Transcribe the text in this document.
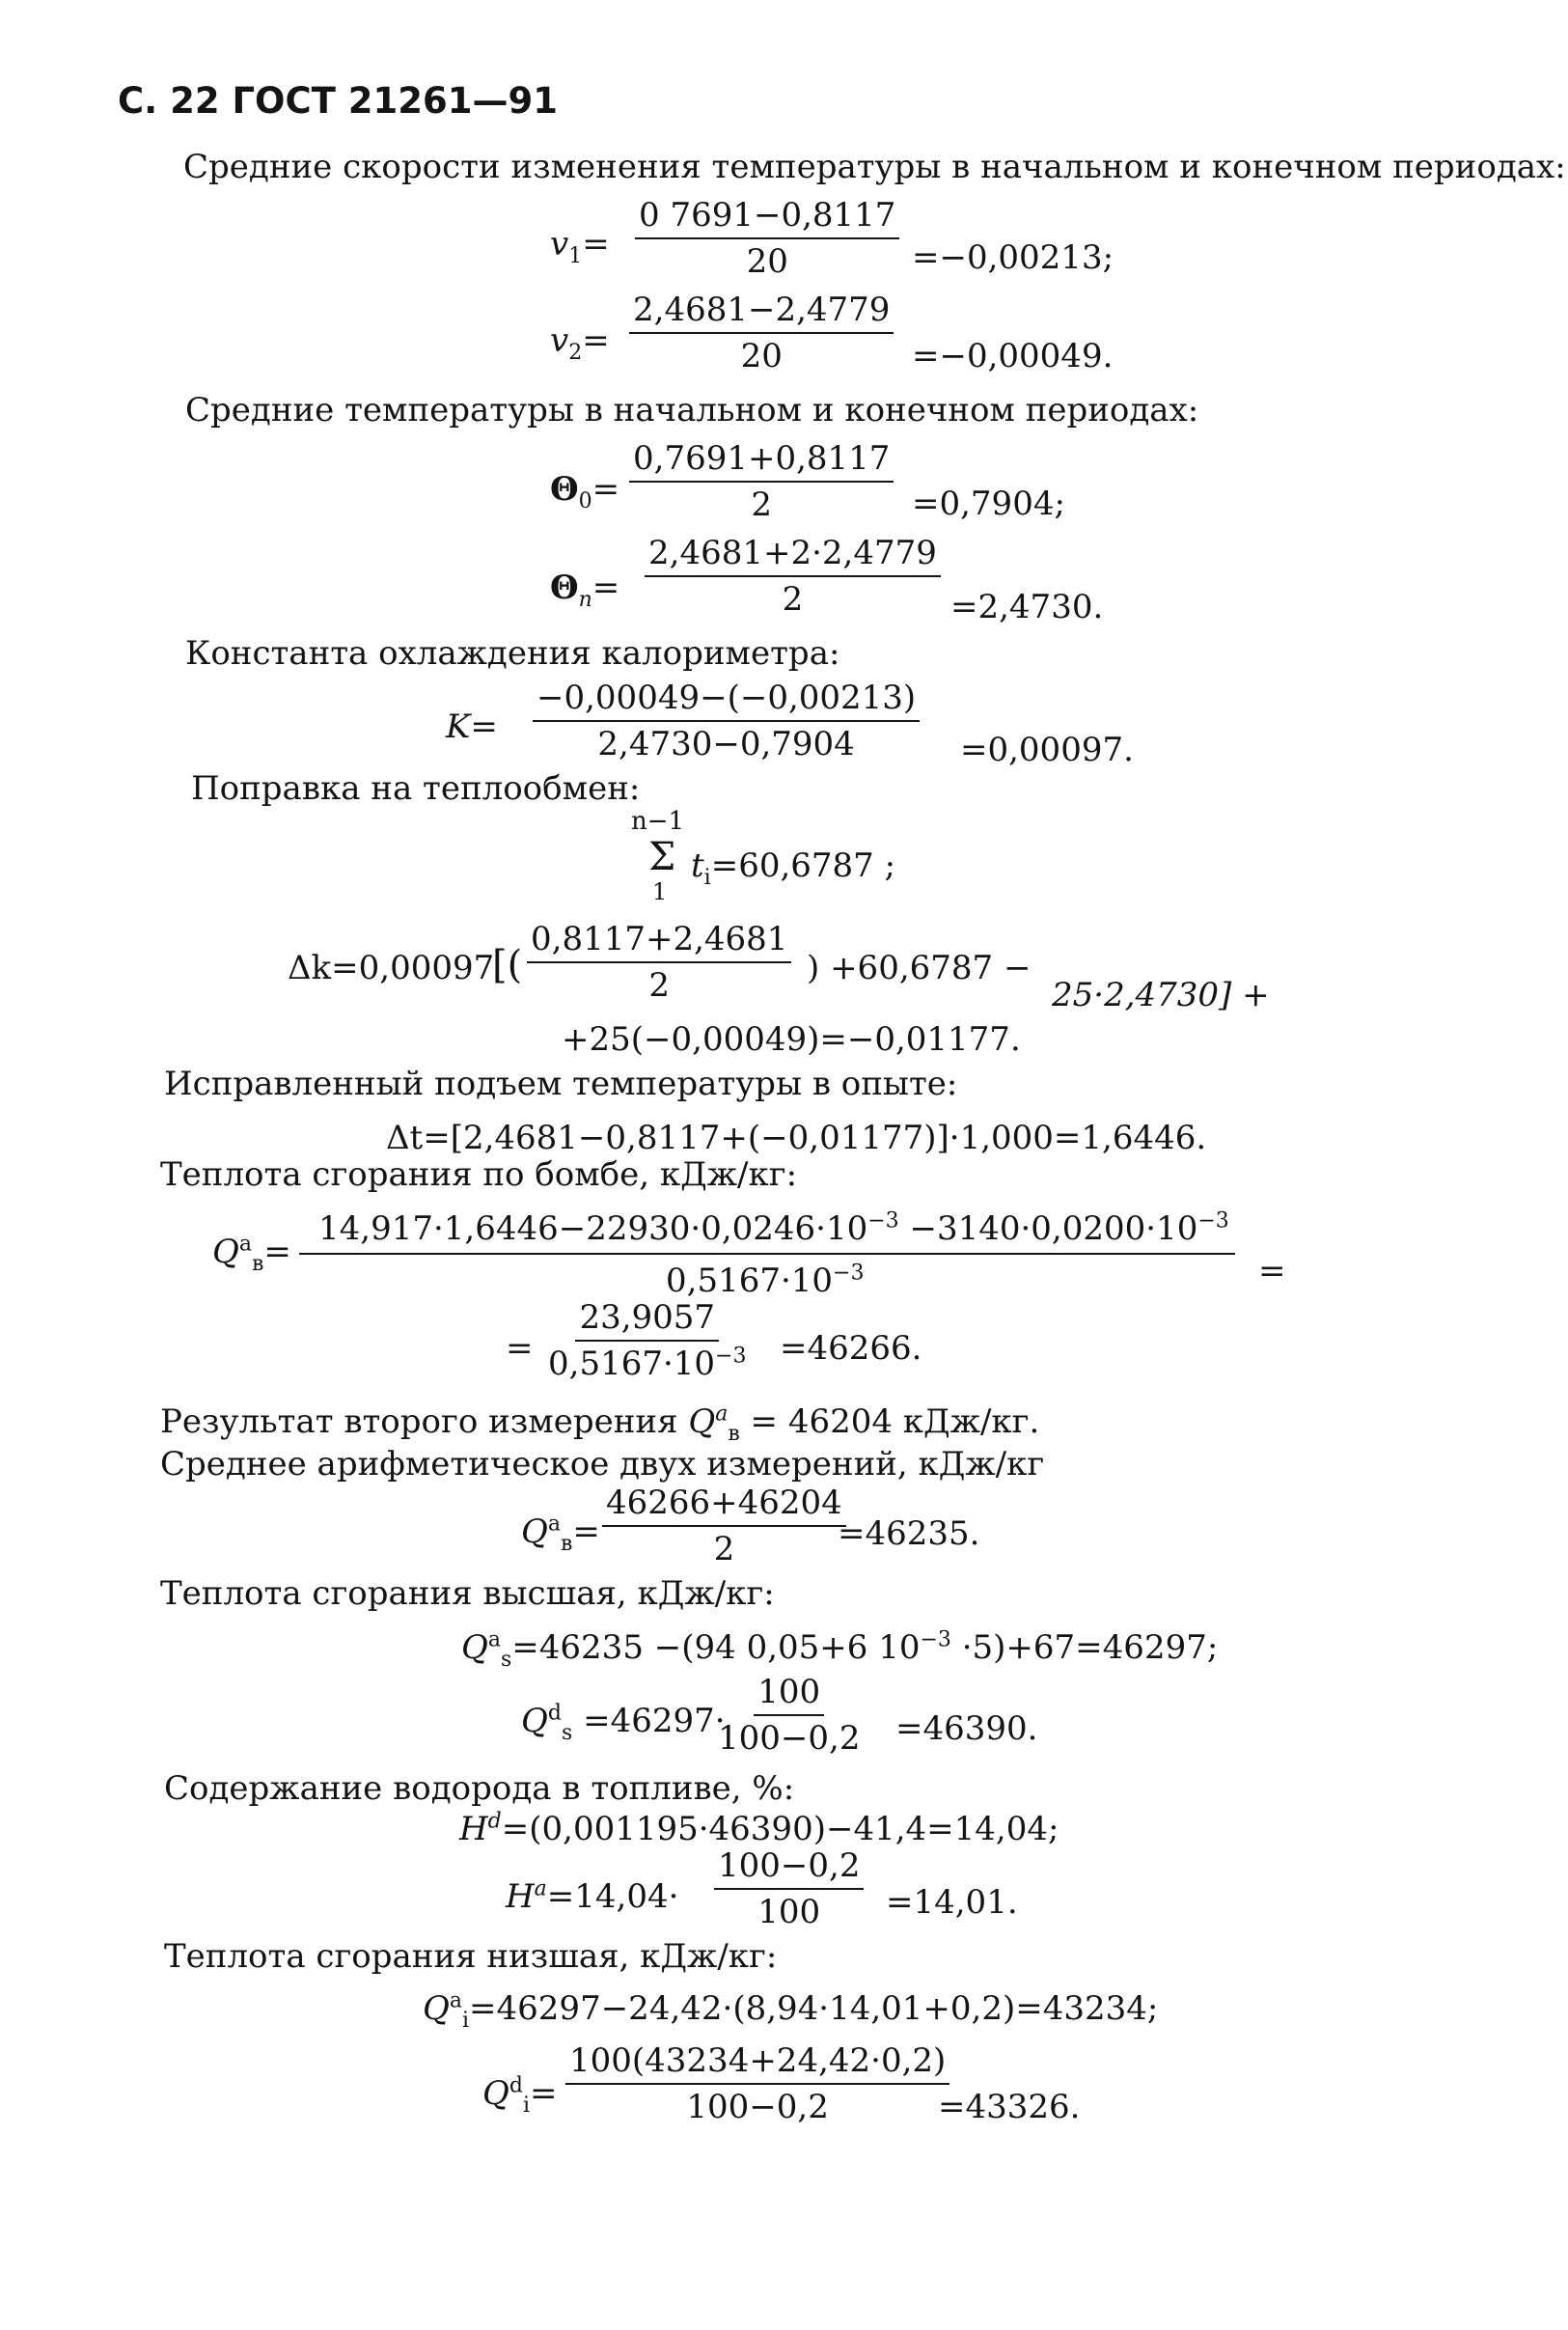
С. 22 ГОСТ 21261—91
Средние скорости изменения температуры в начальном и конечном периодах:
$v_1= \frac{0 7691-0,8117}{20} =-0,00213$;
$v_2= \frac{2,4681-2,4779}{20} =-0,00049$.
Средние температуры в начальном и конечном периодах:
$\Theta_0= \frac{0,7691+0,8117}{2} =0,7904$;
$\Theta_n= \frac{2,4681+2\cdot 2,4779}{2} =2,4730$.
Константа охлаждения калориметра:
$K= \frac{-0,00049-(-0,00213)}{2,4730-0,7904} =0,00097$.
Поправка на теплообмен:
n−1
Σ
1
$t_i=60,6787$ ;
Δk=0,00097
[( $\frac{0,8117+2,4681}{2}$ ) +60,6787 −
25·2,4730] +
+25(−0,00049)=−0,01177.
Исправленный подъем температуры в опыте:
Δt=[2,4681−0,8117+(−0,01177)]·1,000=1,6446.
Теплота сгорания по бомбе, кДж/кг:
$Q^a_в=$
$14,917\cdot 1,6446-22930\cdot 0,0246\cdot 10^{-3} -3140\cdot 0,0200\cdot 10^{-3}$
$0,5167\cdot 10^{-3}$	=
= $\frac{23,9057}{0,5167\cdot 10^{-3}} =46266$.
Результат второго измерения $Q^a_в = 46204$ кДж/кг.
Среднее арифметическое двух измерений, кДж/кг
$Q^a_в= \frac{46266+46204}{2}$
=46235.
Теплота сгорания высшая, кДж/кг:
$Q^a_s=46235 -(94$ 0,05+6 $10^{-3} \cdot 5)+67=46297$;
$Q^d_s =46297\cdot$
$\frac{100}{100-0,2} =46390$.
Содержание водорода в топливе, %:
$H^d=(0,001195\cdot 46390)-41,4=14,04$;
$H^a=14,04\cdot \frac{100-0,2}{100} =14,01$.
Теплота сгорания низшая, кДж/кг:
$Q^a_i=46297-24,42\cdot(8,94\cdot 14,01+0,2)=43234$;
$Q^d_i= \frac{100(43234+24,42\cdot 0,2)}{100-0,2}$
=43326.
